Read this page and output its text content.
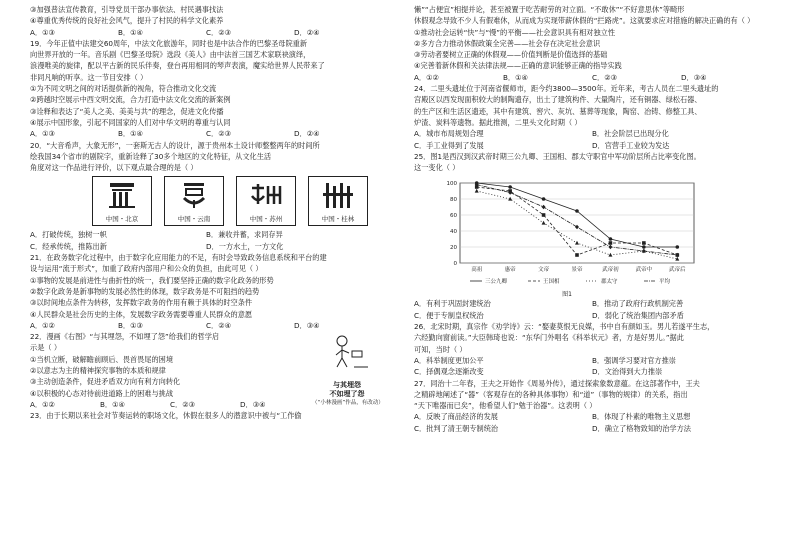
③加强普法宣传教育，引导党员干部办事依法、村民遇事找法
④尊重优秀传统的良好社会风气，提升了村民的科学文化素养
A．①③	B．①④	C．②③	D．②④
19．今年正值中法建交60周年，中法文化旅游年，同时也是中法合作的巴黎圣母院重新
向世界开放的一年。音乐剧《巴黎圣母院》选段《美人》由中法首三国艺术家联袂演绎，
浪漫唯美的旋律，配以平古新的民乐伴奏，登台再用相同的琴声表演，魔实给世界人民带来了
非同凡响的听享。这一节目安排（ ）
①为不同文明之间的对话提供新的视角，符合推动文化交流
②跨越时空展示中西文明交流，合力打造中法文化交流的新案例
③诠释和表达了“美人之美、美美与共”的理念，促进文化传播
④展示中国形象，引起不同国家的人们对中华文明的尊重与认同
A．①③	B．①④	C．②③	D．②④
20．“大音希声，大象无形”，一套斯无古人的设计，源于贵州本土设计师整整两年的时间所
绘我国34个省市的剧院字，重新诠释了30多个地区的文化特征，从文化生活
角度对这一作品进行评价，以下观点最合理的是（ ）
中国・北京	中国・云南	中国・苏州	中国・桂林
A．打破传统，独树一帜	B．兼收并蓄，求同存异
C．经承传统，推陈出新	D．一方水土，一方文化
21．在政务数字化过程中，由于数字化应用能力的不足，有时会导致政务信息系统和平台的建
设与运用“流于形式”，加重了政府内部用户和公众的负担，由此可见（ ）
①事物的发展是前进性与曲折性的统一，我们要坚持正确的数字化政务的形势
②数字化政务是新事物的发展必然性的体现，数字政务是不可阻挡的趋势
③以时间地点条件为转移，发挥数字政务的作用有赖于具体的时空条件
④人民群众是社会历史的主体，发展数字政务需要尊重人民群众的意愿
A．①②	B．①③	C．②④	D．③④
与其埋怨
不如埋了怨
（“小林漫画”作品，有改动）
22．漫画《右图》“与其埋怨，不如埋了怨”给我们的哲学启
示是（ ）
①当机立断，破解瞻前顾后、畏首畏尾的困境
②以意志为主的精神探究事物的本质和规律
③主动创造条件，促进矛盾双方向有利方向转化
④以积极的心态对待前进道路上的困难与挑战
A．①②	B．①④	C．②③	D．③④
23．由于长期以来社会对节奏运转的职场文化，休假在很多人的潜意识中被与“工作偷
懒”“占便宜”相提并论，甚至被置于吃苦耐劳的对立面。“不敢休”“不好意思休”等畸形
休假观念导致不少人有假难休，从而成为实现带薪休假的“拦路虎”。这就要求应对措施的解决正确的有（ ）
①推动社会运转“快”与“慢”的平衡——社会意识具有相对独立性
②多方合力推动休假政策全完善——社会存在决定社会意识
③劳动者要树立正确的休假观——价值判断是价值选择的基础
④完善着新休假和关法律法规——正确的意识能够正确的指导实践
A．①②	B．①④	C．②③	D．③④
24．二里头遗址位于河南省偃师市，距今约3800—3500年。近年来，考古人员在二里头遗址的
宫殿区以西发现面积较大的制陶遗存，出土了建筑构件、大量陶片，还有铜器、绿松石器、
的生产区和生活区遗迹，其中有建筑、窖穴、灰坑、墓葬等现象，陶窑、冶铸、修整工具、
炉渣、炭料等遗物。据此推测，二里头文化时期（ ）
A．城市布局规划合理	B．社会阶层已出现分化
C．手工业得到了发展	D．官营手工业较为发达
25．图1是西汉到汉武帝时期三公九卿、王国相、郡太守职官中军功阶层所占比率变化图。
这一变化（ ）
0
20
40
60
80
100
高祖	惠帝	文帝	景帝	武帝初	武帝中	武帝后
三公九卿	王国相	郡太守	平均
图1
A．有利于巩固封建统治	B．推动了政府行政机制完善
C．便于专制皇权统治	D．弱化了统治集团内部矛盾
26．北宋时期，真宗作《劝学诗》云：“娶妻莫恨无良媒，书中自有颜如玉。男儿若遂平生志，
六经勤向窗前读。”大臣韩琦也说：“东华门外唱名《科举状元》者，方是好男儿。”据此
可知，当时（ ）
A．科举制度更加公平	B．强调学习要对官方推崇
C．择偶观念逐渐改变	D．文治得到大力推崇
27．同治十二年春，王夫之开始作《周易外传》，通过探索象数意蕴。在这部著作中，王夫
之精辟地阐述了“器”（客观存在的各种具体事物）和“道”（事物的规律）的关系，指出
“天下唯器而已矣”，他希望人们“勉于治器”。这表明（ ）
A．反映了商品经济的发展	B．体现了朴素的唯物主义思想
C．批判了清王朝专制统治	D．确立了格物致知的治学方法
